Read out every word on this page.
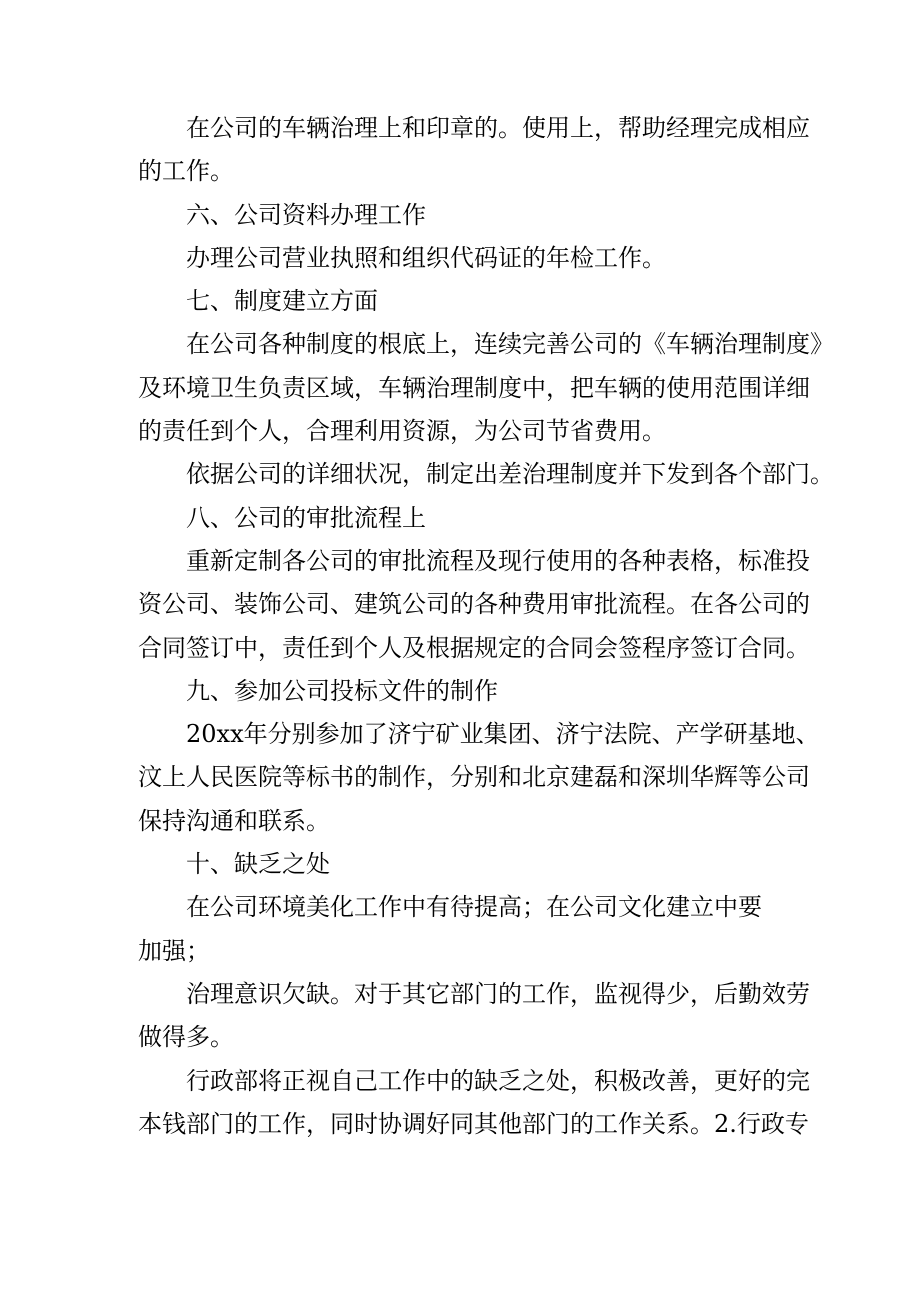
在公司的车辆治理上和印章的。使用上，帮助经理完成相应
的工作。
六、公司资料办理工作
办理公司营业执照和组织代码证的年检工作。
七、制度建立方面
在公司各种制度的根底上，连续完善公司的《车辆治理制度》
及环境卫生负责区域，车辆治理制度中，把车辆的使用范围详细
的责任到个人，合理利用资源，为公司节省费用。
依据公司的详细状况，制定出差治理制度并下发到各个部门。
八、公司的审批流程上
重新定制各公司的审批流程及现行使用的各种表格，标准投
资公司、装饰公司、建筑公司的各种费用审批流程。在各公司的
合同签订中，责任到个人及根据规定的合同会签程序签订合同。
九、参加公司投标文件的制作
20xx年分别参加了济宁矿业集团、济宁法院、产学研基地、
汶上人民医院等标书的制作，分别和北京建磊和深圳华辉等公司
保持沟通和联系。
十、缺乏之处
在公司环境美化工作中有待提高；在公司文化建立中要
加强；
治理意识欠缺。对于其它部门的工作，监视得少，后勤效劳
做得多。
行政部将正视自己工作中的缺乏之处，积极改善，更好的完
本钱部门的工作，同时协调好同其他部门的工作关系。2.行政专
